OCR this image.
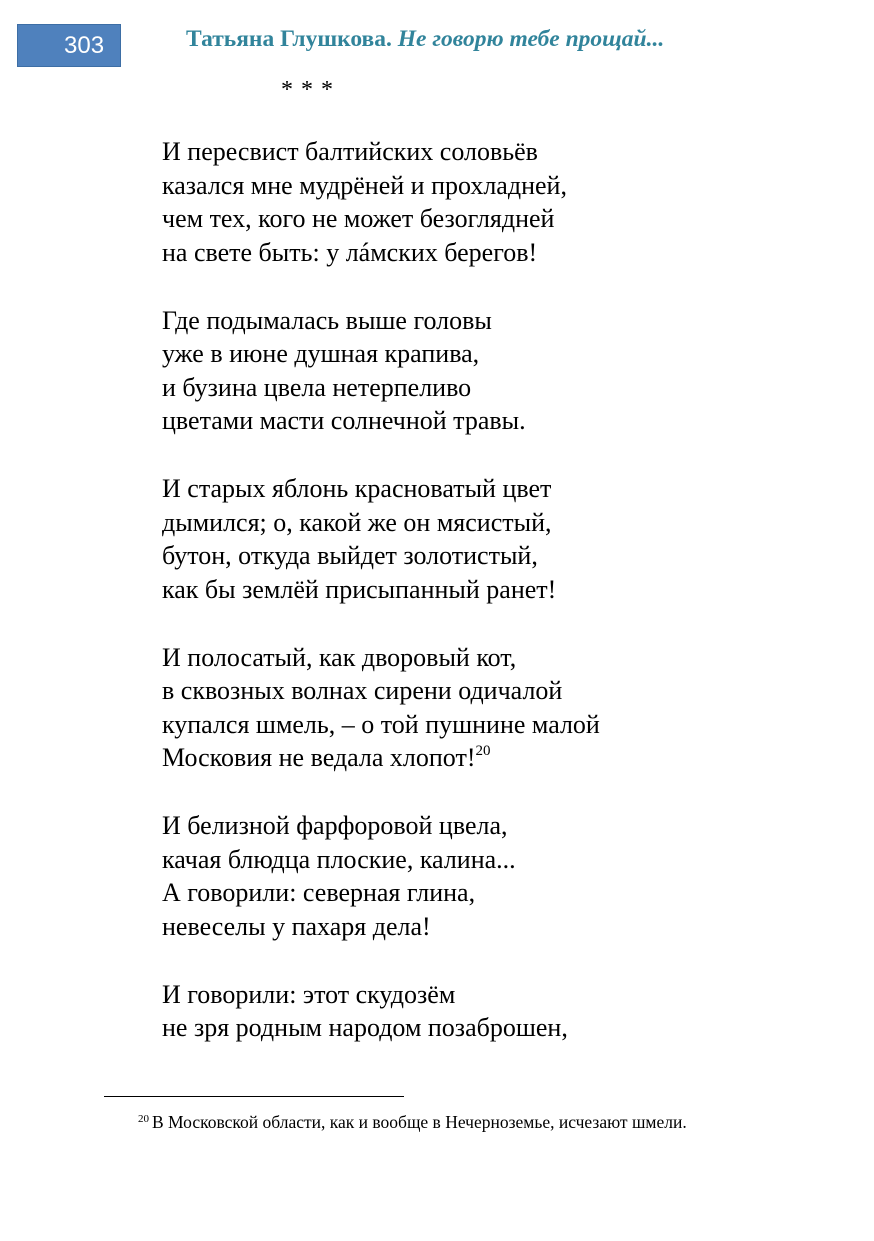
303	Татьяна Глушкова. Не говорю тебе прощай...
* * *
И пересвист балтийских соловьёв
казался мне мудрёней и прохладней,
чем тех, кого не может безоглядней
на свете быть: у лáмских берегов!
Где подымалась выше головы
уже в июне душная крапива,
и бузина цвела нетерпеливо
цветами масти солнечной травы.
И старых яблонь красноватый цвет
дымился; о, какой же он мясистый,
бутон, откуда выйдет золотистый,
как бы землёй присыпанный ранет!
И полосатый, как дворовый кот,
в сквозных волнах сирени одичалой
купался шмель, – о той пушнине малой
Московия не ведала хлопот!$^{20}$
И белизной фарфоровой цвела,
качая блюдца плоские, калина...
А говорили: северная глина,
невеселы у пахаря дела!
И говорили: этот скудозём
не зря родным народом позаброшен,
$^{20}$ В Московской области, как и вообще в Нечерноземье, исчезают шмели.
